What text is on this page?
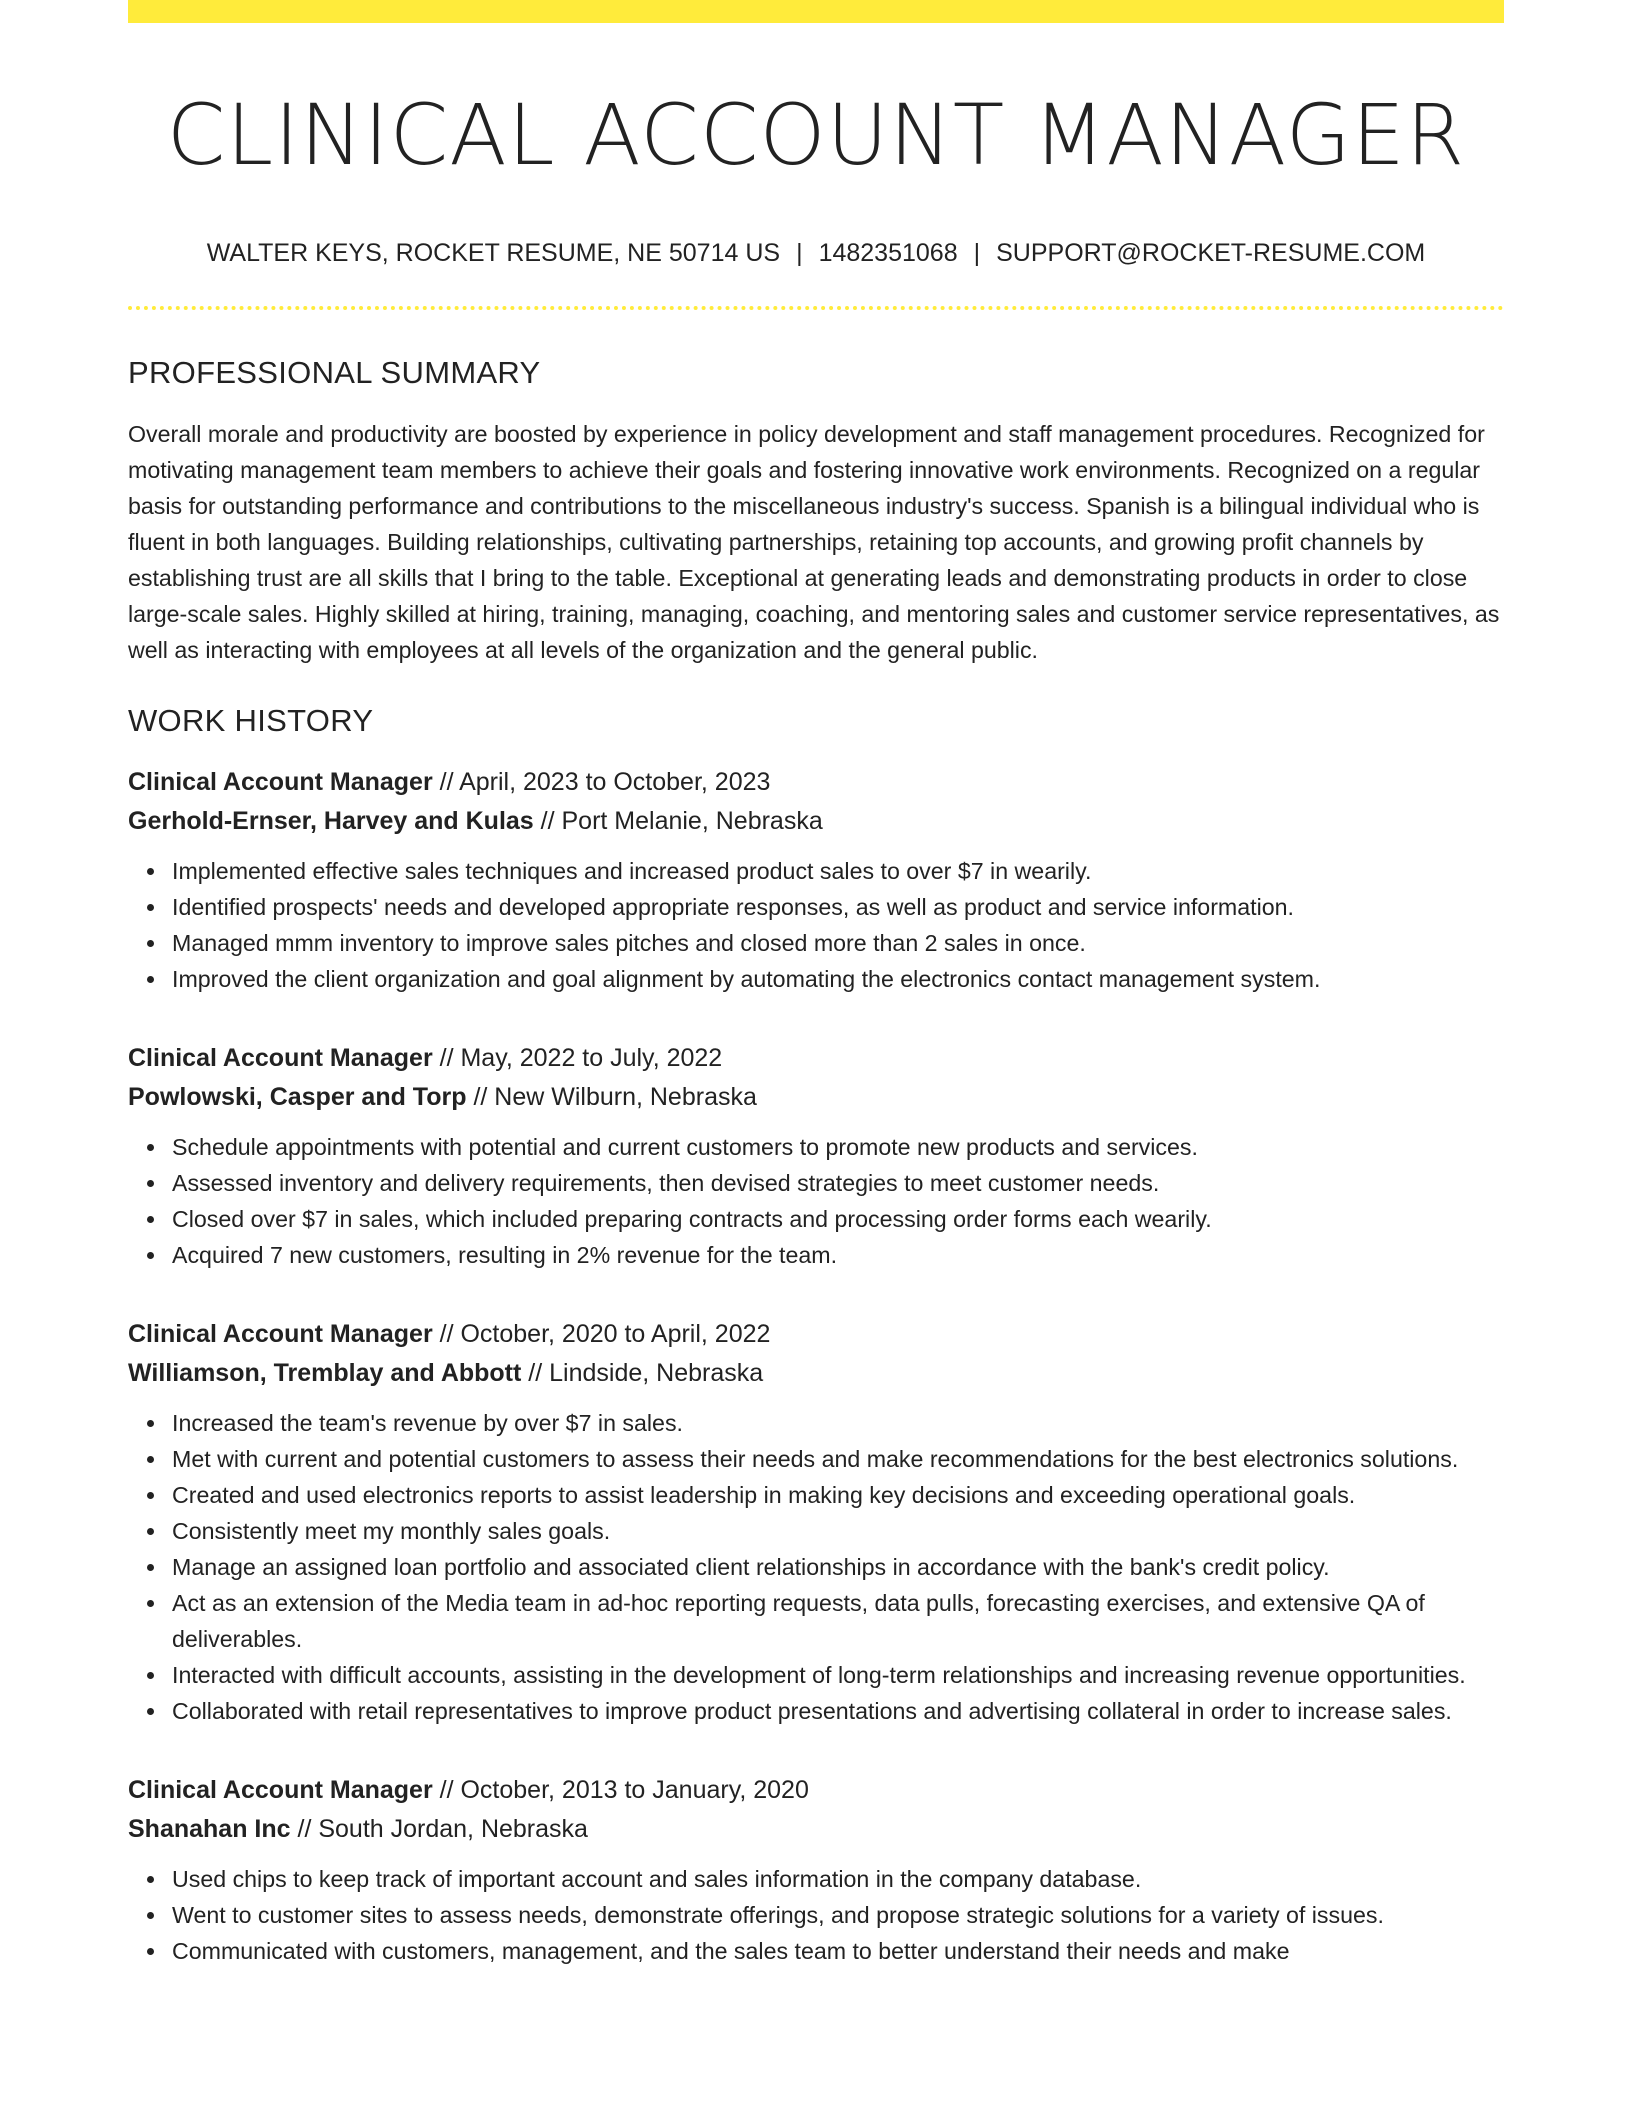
CLINICAL ACCOUNT MANAGER
WALTER KEYS, ROCKET RESUME, NE 50714 US | 1482351068 | SUPPORT@ROCKET-RESUME.COM
PROFESSIONAL SUMMARY

Overall morale and productivity are boosted by experience in policy development and staff management procedures. Recognized for motivating management team members to achieve their goals and fostering innovative work environments. Recognized on a regular basis for outstanding performance and contributions to the miscellaneous industry's success. Spanish is a bilingual individual who is fluent in both languages. Building relationships, cultivating partnerships, retaining top accounts, and growing profit channels by establishing trust are all skills that I bring to the table. Exceptional at generating leads and demonstrating products in order to close large-scale sales. Highly skilled at hiring, training, managing, coaching, and mentoring sales and customer service representatives, as well as interacting with employees at all levels of the organization and the general public.

WORK HISTORY
Clinical Account Manager // April, 2023 to October, 2023
Gerhold-Ernser, Harvey and Kulas // Port Melanie, Nebraska
Implemented effective sales techniques and increased product sales to over $7 in wearily.
Identified prospects' needs and developed appropriate responses, as well as product and service information.
Managed mmm inventory to improve sales pitches and closed more than 2 sales in once.
Improved the client organization and goal alignment by automating the electronics contact management system.
Clinical Account Manager // May, 2022 to July, 2022
Powlowski, Casper and Torp // New Wilburn, Nebraska
Schedule appointments with potential and current customers to promote new products and services.
Assessed inventory and delivery requirements, then devised strategies to meet customer needs.
Closed over $7 in sales, which included preparing contracts and processing order forms each wearily.
Acquired 7 new customers, resulting in 2% revenue for the team.
Clinical Account Manager // October, 2020 to April, 2022
Williamson, Tremblay and Abbott // Lindside, Nebraska
Increased the team's revenue by over $7 in sales.
Met with current and potential customers to assess their needs and make recommendations for the best electronics solutions.
Created and used electronics reports to assist leadership in making key decisions and exceeding operational goals.
Consistently meet my monthly sales goals.
Manage an assigned loan portfolio and associated client relationships in accordance with the bank's credit policy.
Act as an extension of the Media team in ad-hoc reporting requests, data pulls, forecasting exercises, and extensive QA of deliverables.
Interacted with difficult accounts, assisting in the development of long-term relationships and increasing revenue opportunities.
Collaborated with retail representatives to improve product presentations and advertising collateral in order to increase sales.
Clinical Account Manager // October, 2013 to January, 2020
Shanahan Inc // South Jordan, Nebraska
Used chips to keep track of important account and sales information in the company database.
Went to customer sites to assess needs, demonstrate offerings, and propose strategic solutions for a variety of issues.
Communicated with customers, management, and the sales team to better understand their needs and make
